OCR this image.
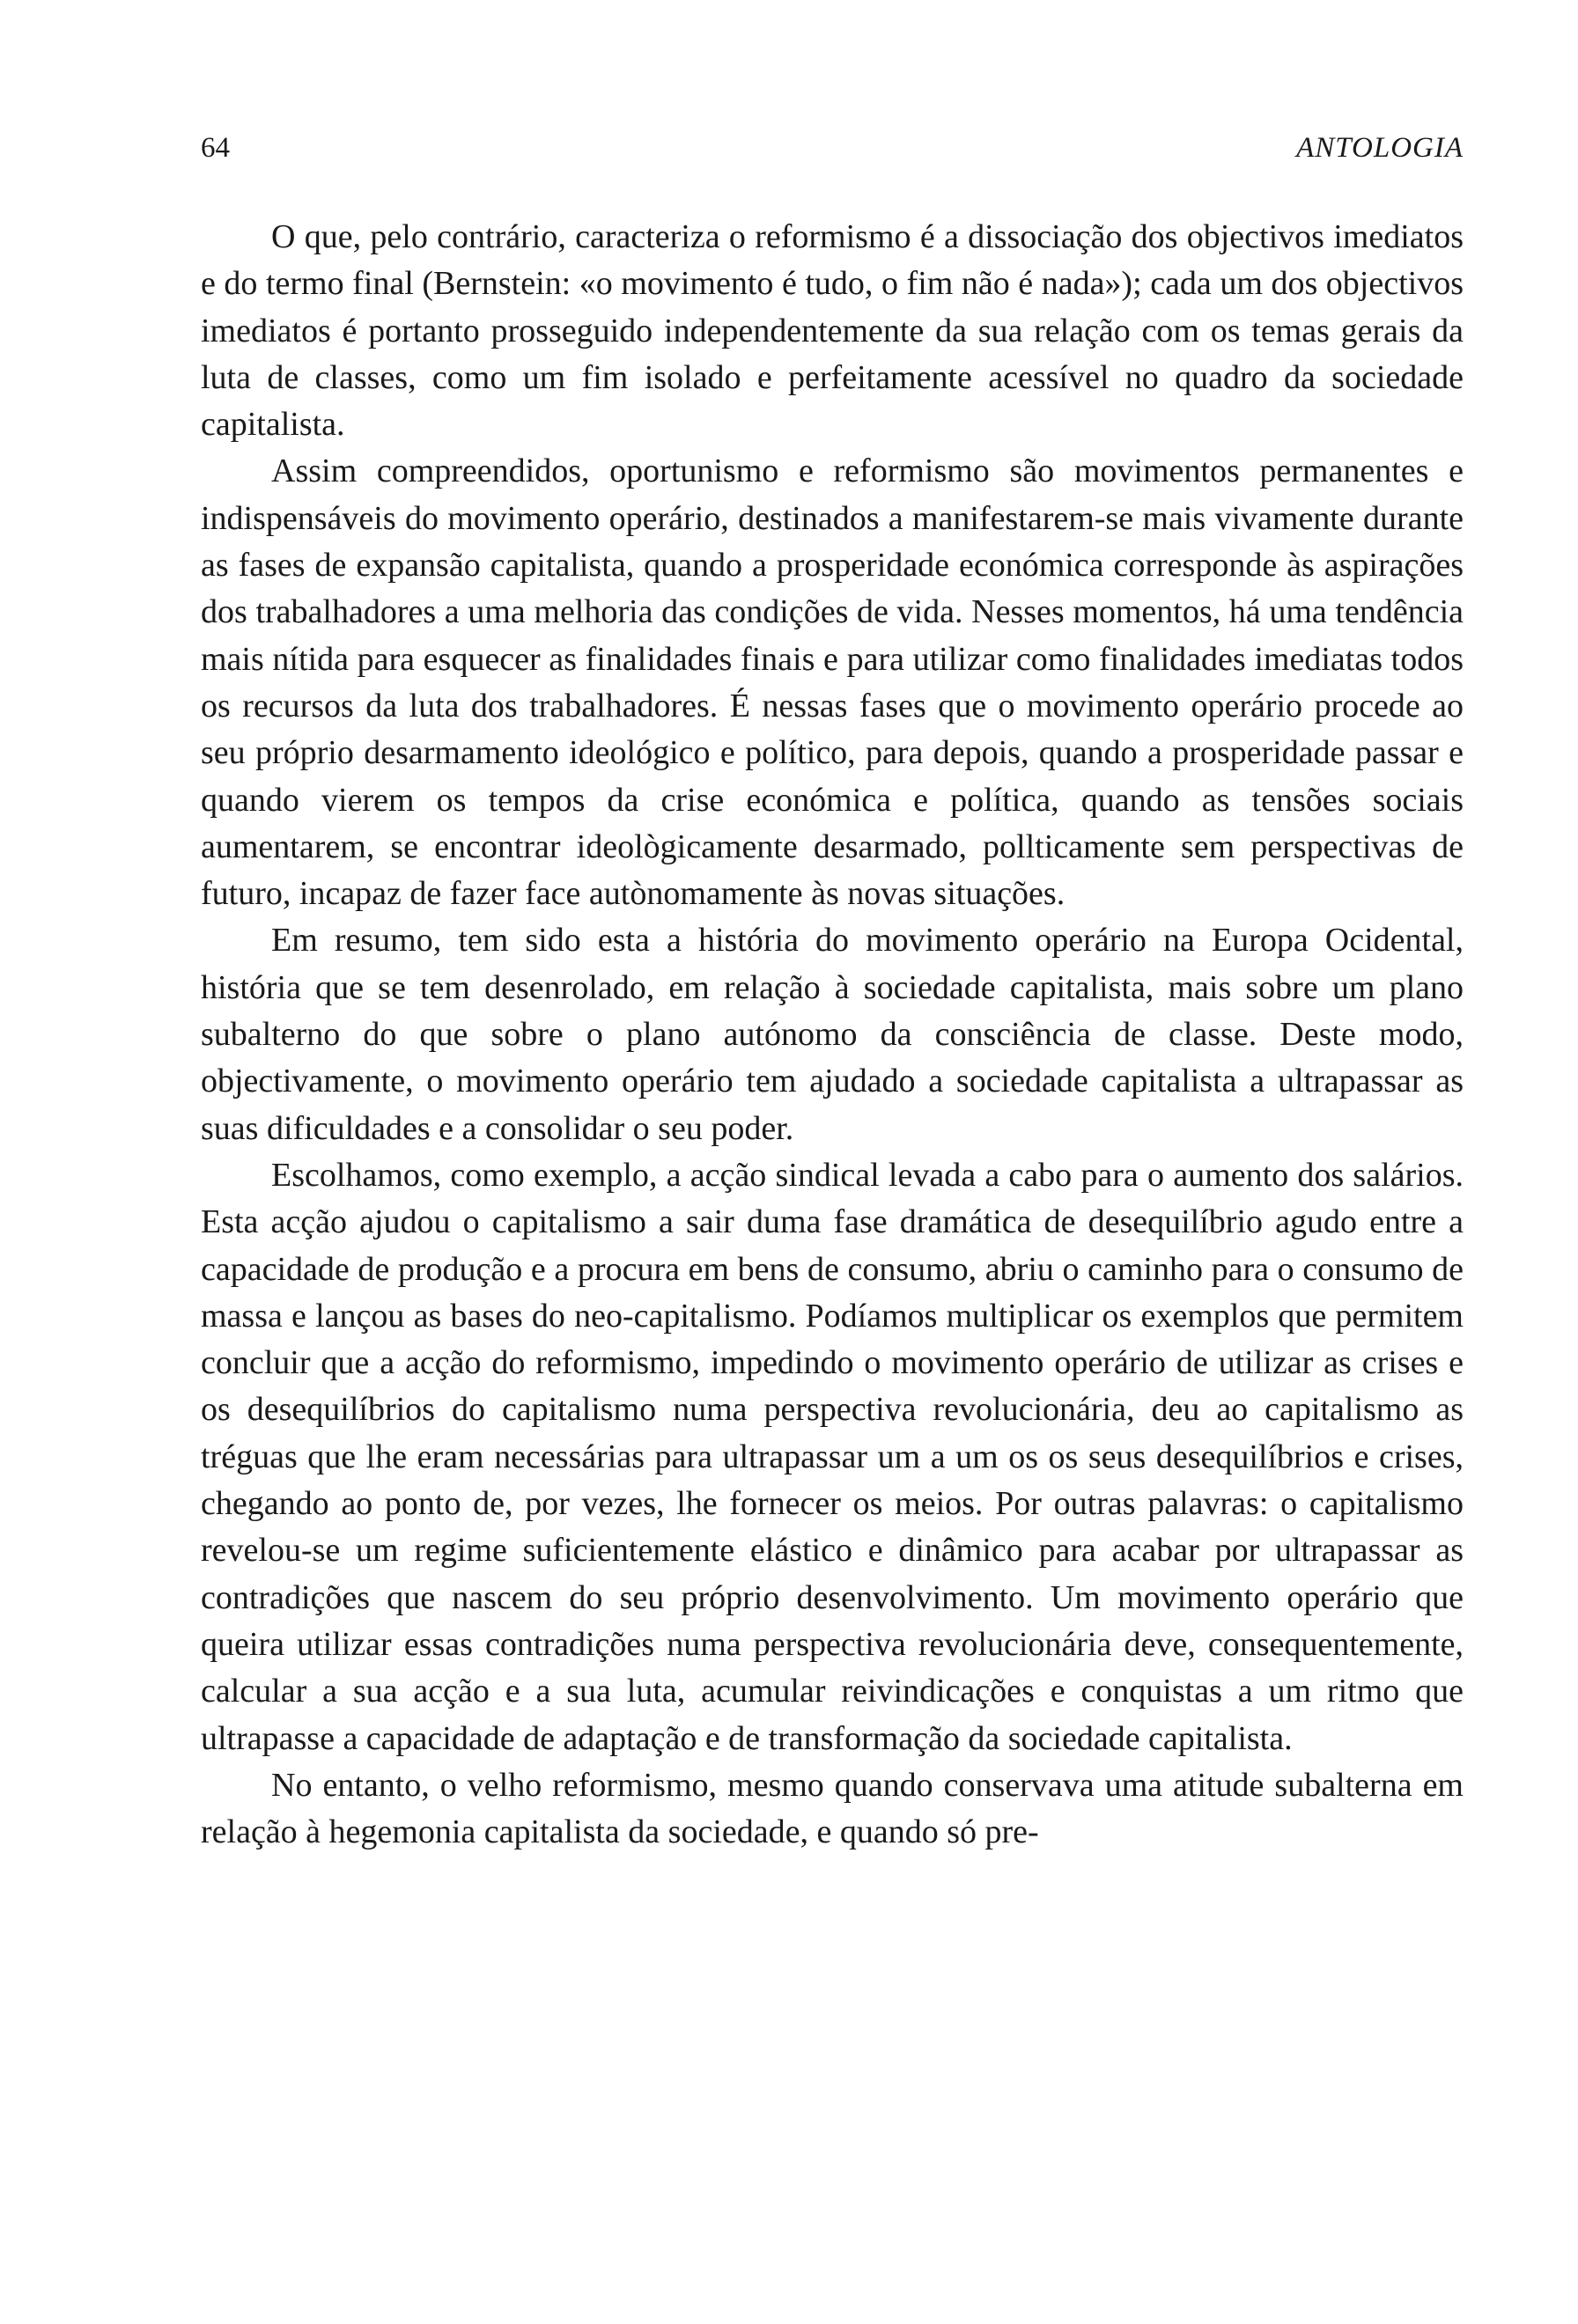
64	ANTOLOGIA

O que, pelo contrário, caracteriza o reformismo é a dissociação dos objectivos imediatos e do termo final (Bernstein: «o movimento é tudo, o fim não é nada»); cada um dos objectivos imediatos é portanto prosseguido independentemente da sua relação com os temas gerais da luta de classes, como um fim isolado e perfeitamente acessível no quadro da sociedade capitalista.

Assim compreendidos, oportunismo e reformismo são movimentos permanentes e indispensáveis do movimento operário, destinados a manifestarem-se mais vivamente durante as fases de expansão capitalista, quando a prosperidade económica corresponde às aspirações dos trabalhadores a uma melhoria das condições de vida. Nesses momentos, há uma tendência mais nítida para esquecer as finalidades finais e para utilizar como finalidades imediatas todos os recursos da luta dos trabalhadores. É nessas fases que o movimento operário procede ao seu próprio desarmamento ideológico e político, para depois, quando a prosperidade passar e quando vierem os tempos da crise económica e política, quando as tensões sociais aumentarem, se encontrar ideològicamente desarmado, pollticamente sem perspectivas de futuro, incapaz de fazer face autònomamente às novas situações.

Em resumo, tem sido esta a história do movimento operário na Europa Ocidental, história que se tem desenrolado, em relação à sociedade capitalista, mais sobre um plano subalterno do que sobre o plano autónomo da consciência de classe. Deste modo, objectivamente, o movimento operário tem ajudado a sociedade capitalista a ultrapassar as suas dificuldades e a consolidar o seu poder.

Escolhamos, como exemplo, a acção sindical levada a cabo para o aumento dos salários. Esta acção ajudou o capitalismo a sair duma fase dramática de desequilíbrio agudo entre a capacidade de produção e a procura em bens de consumo, abriu o caminho para o consumo de massa e lançou as bases do neo-capitalismo. Podíamos multiplicar os exemplos que permitem concluir que a acção do reformismo, impedindo o movimento operário de utilizar as crises e os desequilíbrios do capitalismo numa perspectiva revolucionária, deu ao capitalismo as tréguas que lhe eram necessárias para ultrapassar um a um os os seus desequilíbrios e crises, chegando ao ponto de, por vezes, lhe fornecer os meios. Por outras palavras: o capitalismo revelou-se um regime suficientemente elástico e dinâmico para acabar por ultrapassar as contradições que nascem do seu próprio desenvolvimento. Um movimento operário que queira utilizar essas contradições numa perspectiva revolucionária deve, consequentemente, calcular a sua acção e a sua luta, acumular reivindicações e conquistas a um ritmo que ultrapasse a capacidade de adaptação e de transformação da sociedade capitalista.

No entanto, o velho reformismo, mesmo quando conservava uma atitude subalterna em relação à hegemonia capitalista da sociedade, e quando só pre-
